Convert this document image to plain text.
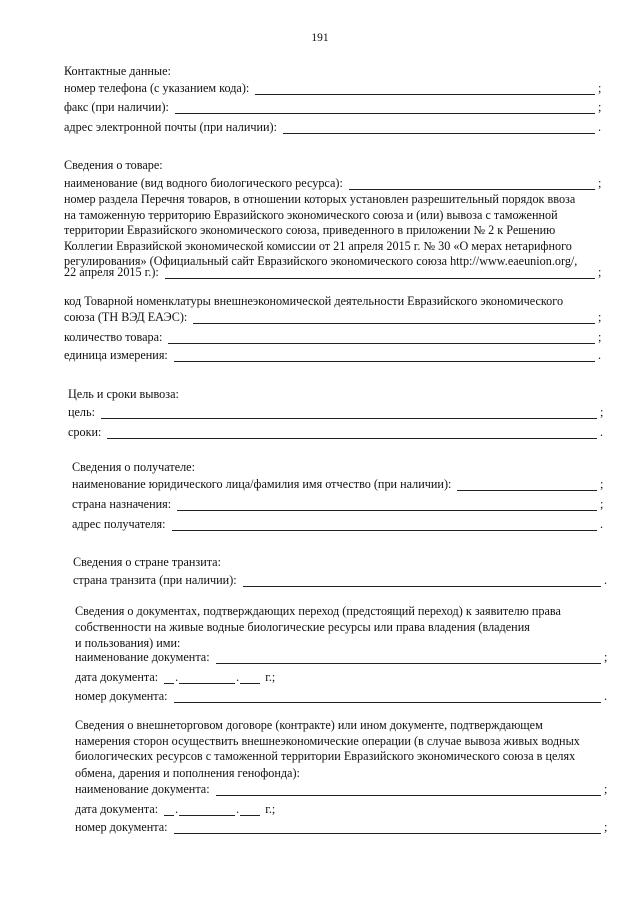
191
Контактные данные:
номер телефона (с указанием кода):	;
факс (при наличии):	;
адрес электронной почты (при наличии):	.
Сведения о товаре:
наименование (вид водного биологического ресурса):	;
номер раздела Перечня товаров, в отношении которых установлен разрешительный порядок ввоза
на таможенную территорию Евразийского экономического союза и (или) вывоза с таможенной
территории Евразийского экономического союза, приведенного в приложении № 2 к Решению
Коллегии Евразийской экономической комиссии от 21 апреля 2015 г. № 30 «О мерах нетарифного
регулирования» (Официальный сайт Евразийского экономического союза http://www.eaeunion.org/,
22 апреля 2015 г.):	;
код Товарной номенклатуры внешнеэкономической деятельности Евразийского экономического
союза (ТН ВЭД ЕАЭС):	;
количество товара:	;
единица измерения:	.
Цель и сроки вывоза:
цель:	;
сроки:	.
Сведения о получателе:
наименование юридического лица/фамилия имя отчество (при наличии):	;
страна назначения:	;
адрес получателя:	.
Сведения о стране транзита:
страна транзита (при наличии):	.
Сведения о документах, подтверждающих переход (предстоящий переход) к заявителю права
собственности на живые водные биологические ресурсы или права владения (владения
и пользования) ими:
наименование документа:	;
дата документа: .	. г.;
номер документа:	.
Сведения о внешнеторговом договоре (контракте) или ином документе, подтверждающем
намерения сторон осуществить внешнеэкономические операции (в случае вывоза живых водных
биологических ресурсов с таможенной территории Евразийского экономического союза в целях
обмена, дарения и пополнения генофонда):
наименование документа:	;
дата документа: .	. г.;
номер документа:	;
